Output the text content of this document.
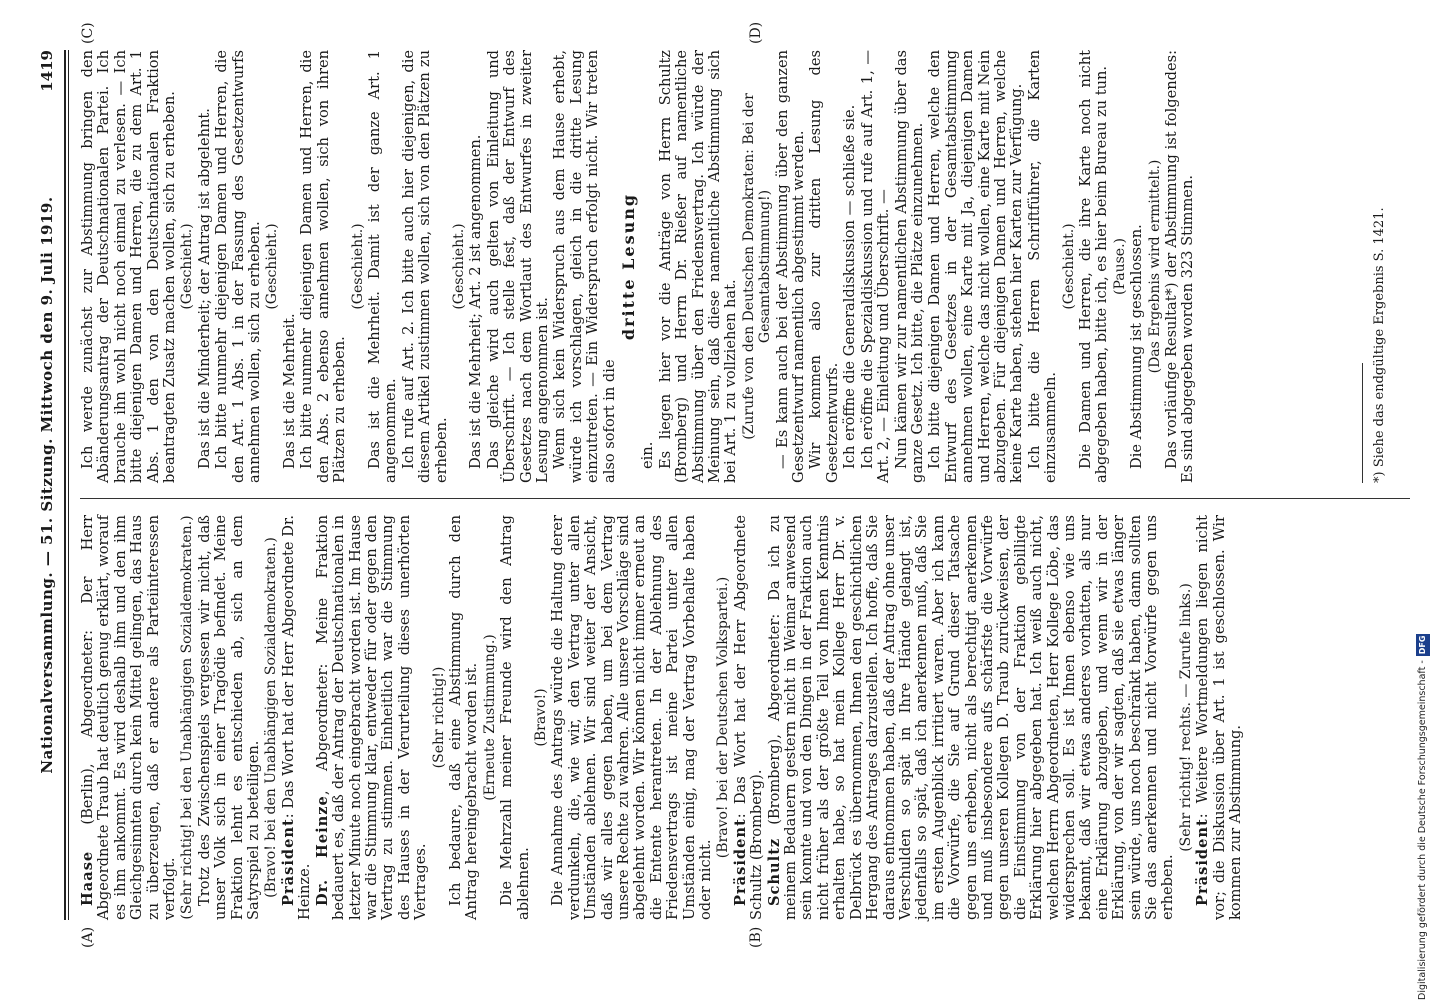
Nationalversammlung. — 51. Sitzung. Mittwoch den 9. Juli 1919.
1419
(A)	(B)
(C)	(D)

Haase (Berlin), Abgeordneter: Der Herr Abgeordnete Traub hat deutlich genug erklärt, worauf es ihm ankommt. Es wird deshalb ihm und den ihm Gleichgesinnten durch kein Mittel gelingen, das Haus zu überzeugen, daß er andere als Parteiinteressen verfolgt. (Sehr richtig! bei den Unabhängigen Sozialdemokraten.) Trotz des Zwischenspiels vergessen wir nicht, daß unser Volk sich in einer Tragödie befindet. Meine Fraktion lehnt es entschieden ab, sich an dem Satyrspiel zu beteiligen. (Bravo! bei den Unabhängigen Sozialdemokraten.) Präsident: Das Wort hat der Herr Abgeordnete Dr. Heinze. Dr. Heinze, Abgeordneter: Meine Fraktion bedauert es, daß der Antrag der Deutschnationalen in letzter Minute noch eingebracht worden ist. Im Hause war die Stimmung klar, entweder für oder gegen den Vertrag zu stimmen. Einheitlich war die Stimmung des Hauses in der Verurteilung dieses unerhörten Vertrages.

(Sehr richtig!) Ich bedaure, daß eine Abstimmung durch den Antrag hereingebracht worden ist. (Erneute Zustimmung.) Die Mehrzahl meiner Freunde wird den Antrag ablehnen.

(Bravo!) Die Annahme des Antrags würde die Haltung derer verdunkeln, die, wie wir, den Vertrag unter allen Umständen ablehnen. Wir sind weiter der Ansicht, daß wir alles gegen haben, um bei dem Vertrag unsere Rechte zu wahren. Alle unsere Vorschläge sind abgelehnt worden. Wir können nicht immer erneut an die Entente herantreten. In der Ablehnung des Friedensvertrags ist meine Partei unter allen Umständen einig, mag der Vertrag Vorbehalte haben oder nicht.

(Bravo! bei der Deutschen Volkspartei.)

Präsident: Das Wort hat der Herr Abgeordnete Schultz (Bromberg). Schultz (Bromberg), Abgeordneter: Da ich zu meinem Bedauern gestern nicht in Weimar anwesend sein konnte und von den Dingen in der Fraktion auch nicht früher als der größte Teil von Ihnen Kenntnis erhalten habe, so hat mein Kollege Herr Dr. v. Delbrück es übernommen, Ihnen den geschichtlichen Hergang des Antrages darzustellen. Ich hoffe, daß Sie daraus entnommen haben, daß der Antrag ohne unser Verschulden so spät in Ihre Hände gelangt ist, jedenfalls so spät, daß ich anerkennen muß, daß Sie im ersten Augenblick irritiert waren. Aber ich kann die Vorwürfe, die Sie auf Grund dieser Tatsache gegen uns erheben, nicht als berechtigt anerkennen und muß insbesondere aufs schärfste die Vorwürfe gegen unseren Kollegen D. Traub zurückweisen, der die Einstimmung von der Fraktion gebilligte Erklärung hier abgegeben hat. Ich weiß auch nicht, welchen Herrn Abgeordneten, Herr Kollege Löbe, das widersprechen soll. Es ist Ihnen ebenso wie uns bekannt, daß wir etwas anderes vorhatten, als nur eine Erklärung abzugeben, und wenn wir in der Erklärung, von der wir sagten, daß sie etwas länger sein würde, uns noch beschränkt haben, dann sollten Sie das anerkennen und nicht Vorwürfe gegen uns erheben.

(Sehr richtig! rechts. — Zurufe links.)

Präsident: Weitere Wortmeldungen liegen nicht vor; die Diskussion über Art. 1 ist geschlossen. Wir kommen zur Abstimmung.

Ich werde zunächst zur Abstimmung bringen den Abänderungsantrag der Deutschnationalen Partei. Ich brauche ihn wohl nicht noch einmal zu verlesen. — Ich bitte diejenigen Damen und Herren, die zu dem Art. 1 Abs. 1 den von den Deutschnationalen Fraktion beantragten Zusatz machen wollen, sich zu erheben. (Geschieht.) Das ist die Minderheit; der Antrag ist abgelehnt. Ich bitte nunmehr diejenigen Damen und Herren, die den Art. 1 Abs. 1 in der Fassung des Gesetzentwurfs annehmen wollen, sich zu erheben. (Geschieht.)

Das ist die Mehrheit. Ich bitte nunmehr diejenigen Damen und Herren, die den Abs. 2 ebenso annehmen wollen, sich von ihren Plätzen zu erheben.

(Geschieht.) Das ist die Mehrheit. Damit ist der ganze Art. 1 angenommen. Ich rufe auf Art. 2. Ich bitte auch hier diejenigen, die diesem Artikel zustimmen wollen, sich von den Plätzen zu erheben.

(Geschieht.) Das ist die Mehrheit; Art. 2 ist angenommen. Das gleiche wird auch gelten von Einleitung und Überschrift. — Ich stelle fest, daß der Entwurf des Gesetzes nach dem Wortlaut des Entwurfes in zweiter Lesung angenommen ist. Wenn sich kein Widerspruch aus dem Hause erhebt, würde ich vorschlagen, gleich in die dritte Lesung einzutreten. — Ein Widerspruch erfolgt nicht. Wir treten also sofort in die

dritte Lesung

ein. Es liegen hier vor die Anträge von Herrn Schultz (Bromberg) und Herrn Dr. Rießer auf namentliche Abstimmung über den Friedensvertrag. Ich würde der Meinung sein, daß diese namentliche Abstimmung sich bei Art. 1 zu vollziehen hat. (Zurufe von den Deutschen Demokraten: Bei der Gesamtabstimmung!) — Es kann auch bei der Abstimmung über den ganzen Gesetzentwurf namentlich abgestimmt werden. Wir kommen also zur dritten Lesung des Gesetzentwurfs. Ich eröffne die Generaldiskussion — schließe sie. Ich eröffne die Spezialdiskussion und rufe auf Art. 1, — Art. 2, — Einleitung und Überschrift. — Nun kämen wir zur namentlichen Abstimmung über das ganze Gesetz. Ich bitte, die Plätze einzunehmen. Ich bitte diejenigen Damen und Herren, welche den Entwurf des Gesetzes in der Gesamtabstimmung annehmen wollen, eine Karte mit Ja, diejenigen Damen und Herren, welche das nicht wollen, eine Karte mit Nein abzugeben. Für diejenigen Damen und Herren, welche keine Karte haben, stehen hier Karten zur Verfügung. Ich bitte die Herren Schriftführer, die Karten einzusammeln.

(Geschieht.) Die Damen und Herren, die ihre Karte noch nicht abgegeben haben, bitte ich, es hier beim Bureau zu tun. (Pause.) Die Abstimmung ist geschlossen. (Das Ergebnis wird ermittelt.) Das vorläufige Resultat*) der Abstimmung ist folgendes: Es sind abgegeben worden 323 Stimmen.	*) Siehe das endgültige Ergebnis S. 1421.
Digitalisierung gefördert durch die Deutsche Forschungsgemeinschaft -DFG
